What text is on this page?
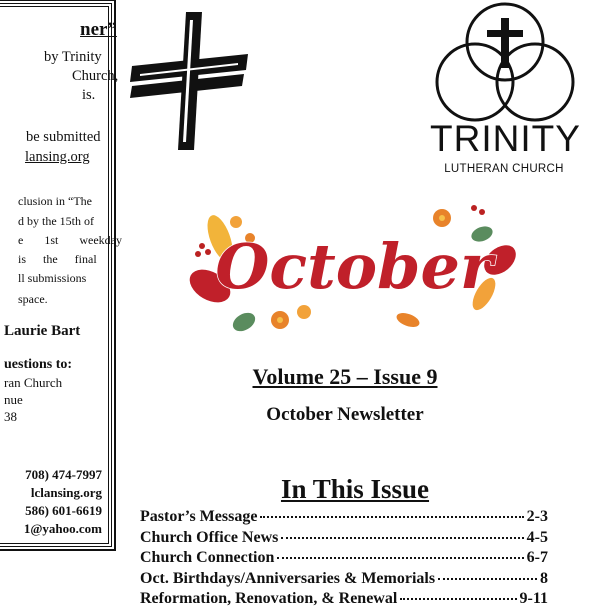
ner”
by Trinity
Church,
is.
be submitted
lansing.org
clusion in “The
d by the 15th of
e 1st weekday
is the final
ll submissions
space.
Laurie Bart
uestions to:
ran Church
nue
38
708) 474-7997
lclansing.org
586) 601-6619
1@yahoo.com
TRINITY
LUTHERAN CHURCH
October
Volume 25 – Issue 9
October Newsletter
In This Issue
Pastor’s Message	2-3
Church Office News	4-5
Church Connection	6-7
Oct. Birthdays/Anniversaries & Memorials	8
Reformation, Renovation, & Renewal	9-11
